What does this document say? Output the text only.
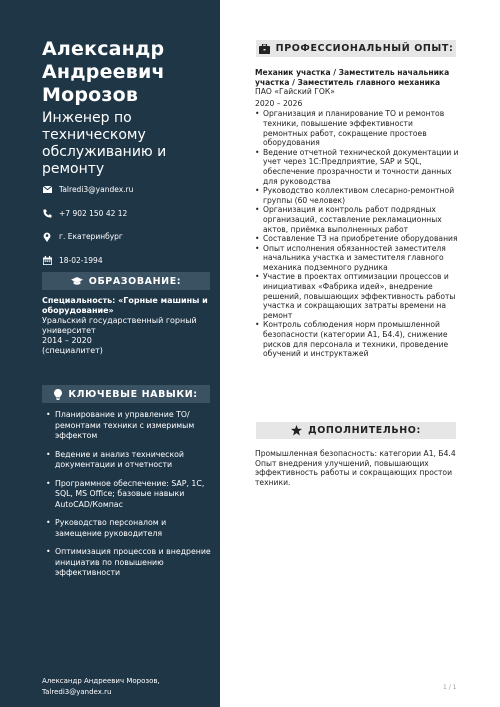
Александр Андреевич Морозов
Инженер по техническому обслуживанию и ремонту
Talredi3@yandex.ru
+7 902 150 42 12
г. Екатеринбург
18-02-1994
ОБРАЗОВАНИЕ:
Специальность: «Горные машины и оборудование»
Уральский государственный горный университет
2014 – 2020
(специалитет)
КЛЮЧЕВЫЕ НАВЫКИ:
• Планирование и управление ТО/ремонтами техники с измеримым эффектом
• Ведение и анализ технической документации и отчетности
• Программное обеспечение: SAP, 1С, SQL, MS Office; базовые навыки AutoCAD/Компас
• Руководство персоналом и замещение руководителя
• Оптимизация процессов и внедрение инициатив по повышению эффективности
Александр Андреевич Морозов,
Talredi3@yandex.ru
ПРОФЕССИОНАЛЬНЫЙ ОПЫТ:
Механик участка / Заместитель начальника участка / Заместитель главного механика
ПАО «Гайский ГОК»
2020 – 2026
• Организация и планирование ТО и ремонтов техники, повышение эффективности ремонтных работ, сокращение простоев оборудования
• Ведение отчетной технической документации и учет через 1С:Предприятие, SAP и SQL, обеспечение прозрачности и точности данных для руководства
• Руководство коллективом слесарно-ремонтной группы (60 человек)
• Организация и контроль работ подрядных организаций, составление рекламационных актов, приёмка выполненных работ
• Составление ТЗ на приобретение оборудования
• Опыт исполнения обязанностей заместителя начальника участка и заместителя главного механика подземного рудника
• Участие в проектах оптимизации процессов и инициативах «Фабрика идей», внедрение решений, повышающих эффективность работы участка и сокращающих затраты времени на ремонт
• Контроль соблюдения норм промышленной безопасности (категории А1, Б4.4), снижение рисков для персонала и техники, проведение обучений и инструктажей
ДОПОЛНИТЕЛЬНО:
Промышленная безопасность: категории А1, Б4.4 Опыт внедрения улучшений, повышающих эффективность работы и сокращающих простои техники.
1 / 1
